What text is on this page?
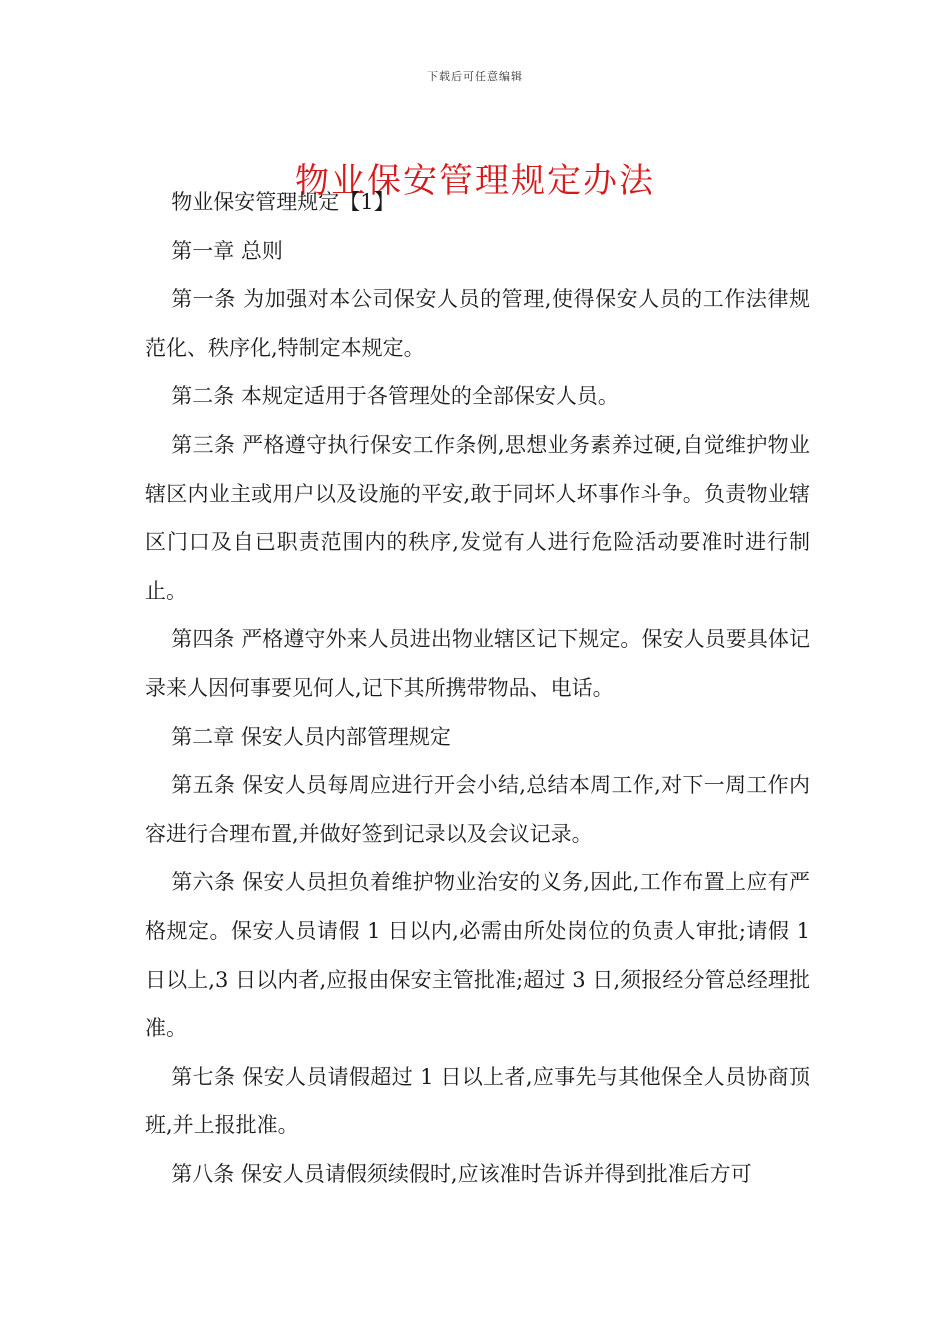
下载后可任意编辑
物业保安管理规定办法

物业保安管理规定【1】

第一章 总则

第一条 为加强对本公司保安人员的管理,使得保安人员的工作法律规范化、秩序化,特制定本规定。

第二条 本规定适用于各管理处的全部保安人员。

第三条 严格遵守执行保安工作条例,思想业务素养过硬,自觉维护物业辖区内业主或用户以及设施的平安,敢于同坏人坏事作斗争。负责物业辖区门口及自已职责范围内的秩序,发觉有人进行危险活动要准时进行制止。

第四条 严格遵守外来人员进出物业辖区记下规定。保安人员要具体记录来人因何事要见何人,记下其所携带物品、电话。

第二章 保安人员内部管理规定

第五条 保安人员每周应进行开会小结,总结本周工作,对下一周工作内容进行合理布置,并做好签到记录以及会议记录。

第六条 保安人员担负着维护物业治安的义务,因此,工作布置上应有严格规定。保安人员请假 1 日以内,必需由所处岗位的负责人审批;请假 1 日以上,3 日以内者,应报由保安主管批准;超过 3 日,须报经分管总经理批准。

第七条 保安人员请假超过 1 日以上者,应事先与其他保全人员协商顶班,并上报批准。

第八条 保安人员请假须续假时,应该准时告诉并得到批准后方可
